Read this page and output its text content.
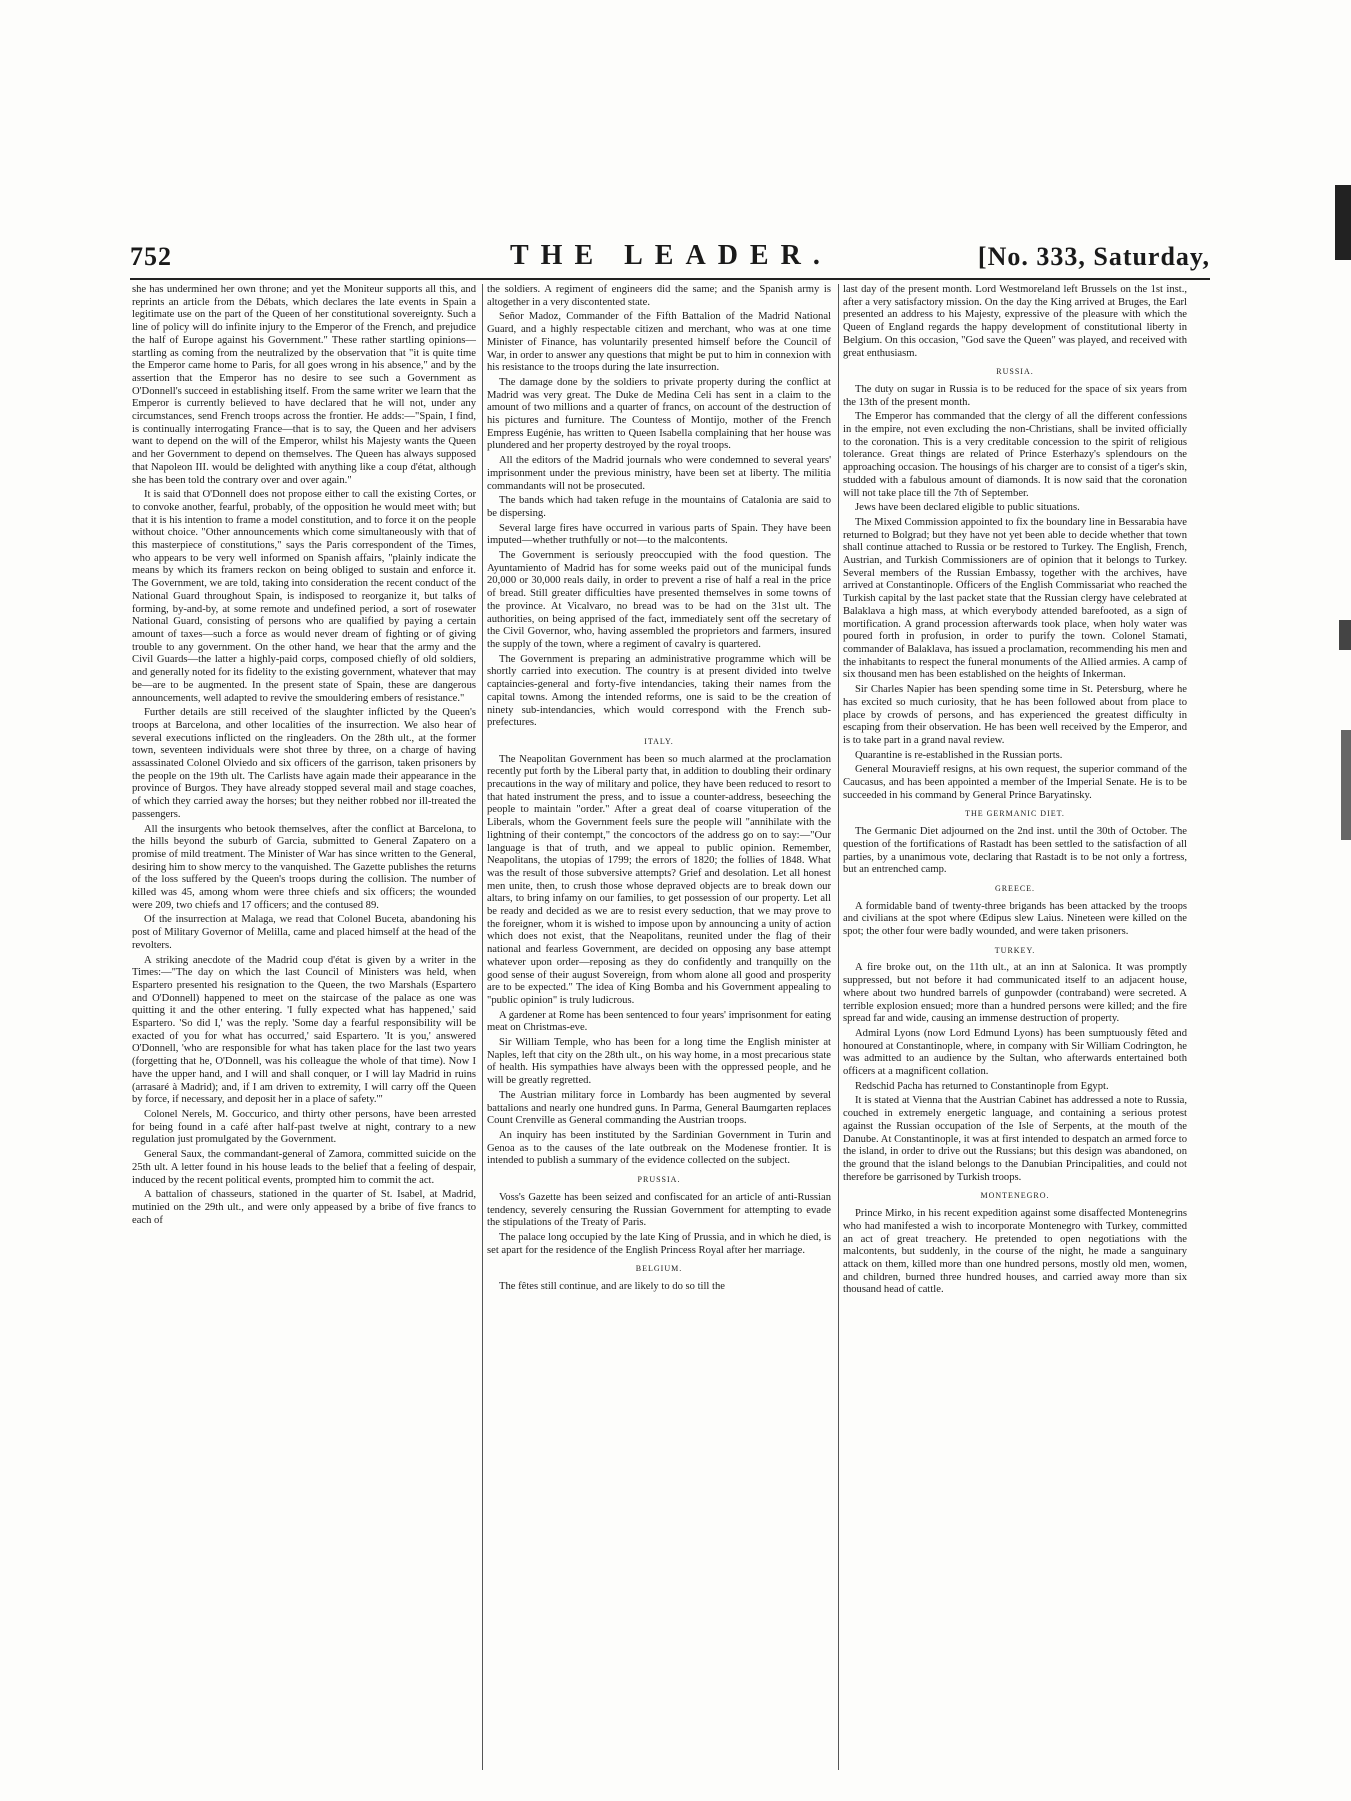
752	THE LEADER.	[No. 333, Saturday,

she has undermined her own throne; and yet the Moniteur supports all this, and reprints an article from the Débats, which declares the late events in Spain a legitimate use on the part of the Queen of her constitutional sovereignty. Such a line of policy will do infinite injury to the Emperor of the French, and prejudice the half of Europe against his Government." These rather startling opinions—startling as coming from the neutralized by the observation that "it is quite time the Emperor came home to Paris, for all goes wrong in his absence," and by the assertion that the Emperor has no desire to see such a Government as O'Donnell's succeed in establishing itself. From the same writer we learn that the Emperor is currently believed to have declared that he will not, under any circumstances, send French troops across the frontier. He adds:—"Spain, I find, is continually interrogating France—that is to say, the Queen and her advisers want to depend on the will of the Emperor, whilst his Majesty wants the Queen and her Government to depend on themselves. The Queen has always supposed that Napoleon III. would be delighted with anything like a coup d'état, although she has been told the contrary over and over again."

It is said that O'Donnell does not propose either to call the existing Cortes, or to convoke another, fearful, probably, of the opposition he would meet with; but that it is his intention to frame a model constitution, and to force it on the people without choice. "Other announcements which come simultaneously with that of this masterpiece of constitutions," says the Paris correspondent of the Times, who appears to be very well informed on Spanish affairs, "plainly indicate the means by which its framers reckon on being obliged to sustain and enforce it. The Government, we are told, taking into consideration the recent conduct of the National Guard throughout Spain, is indisposed to reorganize it, but talks of forming, by-and-by, at some remote and undefined period, a sort of rosewater National Guard, consisting of persons who are qualified by paying a certain amount of taxes—such a force as would never dream of fighting or of giving trouble to any government. On the other hand, we hear that the army and the Civil Guards—the latter a highly-paid corps, composed chiefly of old soldiers, and generally noted for its fidelity to the existing government, whatever that may be—are to be augmented. In the present state of Spain, these are dangerous announcements, well adapted to revive the smouldering embers of resistance."

Further details are still received of the slaughter inflicted by the Queen's troops at Barcelona, and other localities of the insurrection. We also hear of several executions inflicted on the ringleaders. On the 28th ult., at the former town, seventeen individuals were shot three by three, on a charge of having assassinated Colonel Olviedo and six officers of the garrison, taken prisoners by the people on the 19th ult. The Carlists have again made their appearance in the province of Burgos. They have already stopped several mail and stage coaches, of which they carried away the horses; but they neither robbed nor ill-treated the passengers.

All the insurgents who betook themselves, after the conflict at Barcelona, to the hills beyond the suburb of Garcia, submitted to General Zapatero on a promise of mild treatment. The Minister of War has since written to the General, desiring him to show mercy to the vanquished. The Gazette publishes the returns of the loss suffered by the Queen's troops during the collision. The number of killed was 45, among whom were three chiefs and six officers; the wounded were 209, two chiefs and 17 officers; and the contused 89.

Of the insurrection at Malaga, we read that Colonel Buceta, abandoning his post of Military Governor of Melilla, came and placed himself at the head of the revolters.

A striking anecdote of the Madrid coup d'état is given by a writer in the Times:—"The day on which the last Council of Ministers was held, when Espartero presented his resignation to the Queen, the two Marshals (Espartero and O'Donnell) happened to meet on the staircase of the palace as one was quitting it and the other entering. 'I fully expected what has happened,' said Espartero. 'So did I,' was the reply. 'Some day a fearful responsibility will be exacted of you for what has occurred,' said Espartero. 'It is you,' answered O'Donnell, 'who are responsible for what has taken place for the last two years (forgetting that he, O'Donnell, was his colleague the whole of that time). Now I have the upper hand, and I will and shall conquer, or I will lay Madrid in ruins (arrasaré à Madrid); and, if I am driven to extremity, I will carry off the Queen by force, if necessary, and deposit her in a place of safety.'"

Colonel Nerels, M. Goccurico, and thirty other persons, have been arrested for being found in a café after half-past twelve at night, contrary to a new regulation just promulgated by the Government.

General Saux, the commandant-general of Zamora, committed suicide on the 25th ult. A letter found in his house leads to the belief that a feeling of despair, induced by the recent political events, prompted him to commit the act.

A battalion of chasseurs, stationed in the quarter of St. Isabel, at Madrid, mutinied on the 29th ult., and were only appeased by a bribe of five francs to each of

the soldiers. A regiment of engineers did the same; and the Spanish army is altogether in a very discontented state.

Señor Madoz, Commander of the Fifth Battalion of the Madrid National Guard, and a highly respectable citizen and merchant, who was at one time Minister of Finance, has voluntarily presented himself before the Council of War, in order to answer any questions that might be put to him in connexion with his resistance to the troops during the late insurrection.

The damage done by the soldiers to private property during the conflict at Madrid was very great. The Duke de Medina Celi has sent in a claim to the amount of two millions and a quarter of francs, on account of the destruction of his pictures and furniture. The Countess of Montijo, mother of the French Empress Eugénie, has written to Queen Isabella complaining that her house was plundered and her property destroyed by the royal troops.

All the editors of the Madrid journals who were condemned to several years' imprisonment under the previous ministry, have been set at liberty. The militia commandants will not be prosecuted.

The bands which had taken refuge in the mountains of Catalonia are said to be dispersing.

Several large fires have occurred in various parts of Spain. They have been imputed—whether truthfully or not—to the malcontents.

The Government is seriously preoccupied with the food question. The Ayuntamiento of Madrid has for some weeks paid out of the municipal funds 20,000 or 30,000 reals daily, in order to prevent a rise of half a real in the price of bread. Still greater difficulties have presented themselves in some towns of the province. At Vicalvaro, no bread was to be had on the 31st ult. The authorities, on being apprised of the fact, immediately sent off the secretary of the Civil Governor, who, having assembled the proprietors and farmers, insured the supply of the town, where a regiment of cavalry is quartered.

The Government is preparing an administrative programme which will be shortly carried into execution. The country is at present divided into twelve captaincies-general and forty-five intendancies, taking their names from the capital towns. Among the intended reforms, one is said to be the creation of ninety sub-intendancies, which would correspond with the French sub-prefectures.

ITALY.

The Neapolitan Government has been so much alarmed at the proclamation recently put forth by the Liberal party that, in addition to doubling their ordinary precautions in the way of military and police, they have been reduced to resort to that hated instrument the press, and to issue a counter-address, beseeching the people to maintain "order." After a great deal of coarse vituperation of the Liberals, whom the Government feels sure the people will "annihilate with the lightning of their contempt," the concoctors of the address go on to say:—"Our language is that of truth, and we appeal to public opinion. Remember, Neapolitans, the utopias of 1799; the errors of 1820; the follies of 1848. What was the result of those subversive attempts? Grief and desolation. Let all honest men unite, then, to crush those whose depraved objects are to break down our altars, to bring infamy on our families, to get possession of our property. Let all be ready and decided as we are to resist every seduction, that we may prove to the foreigner, whom it is wished to impose upon by announcing a unity of action which does not exist, that the Neapolitans, reunited under the flag of their national and fearless Government, are decided on opposing any base attempt whatever upon order—reposing as they do confidently and tranquilly on the good sense of their august Sovereign, from whom alone all good and prosperity are to be expected." The idea of King Bomba and his Government appealing to "public opinion" is truly ludicrous.

A gardener at Rome has been sentenced to four years' imprisonment for eating meat on Christmas-eve.

Sir William Temple, who has been for a long time the English minister at Naples, left that city on the 28th ult., on his way home, in a most precarious state of health. His sympathies have always been with the oppressed people, and he will be greatly regretted.

The Austrian military force in Lombardy has been augmented by several battalions and nearly one hundred guns. In Parma, General Baumgarten replaces Count Crenville as General commanding the Austrian troops.

An inquiry has been instituted by the Sardinian Government in Turin and Genoa as to the causes of the late outbreak on the Modenese frontier. It is intended to publish a summary of the evidence collected on the subject.

PRUSSIA.

Voss's Gazette has been seized and confiscated for an article of anti-Russian tendency, severely censuring the Russian Government for attempting to evade the stipulations of the Treaty of Paris.

The palace long occupied by the late King of Prussia, and in which he died, is set apart for the residence of the English Princess Royal after her marriage.

BELGIUM.

The fêtes still continue, and are likely to do so till the

last day of the present month. Lord Westmoreland left Brussels on the 1st inst., after a very satisfactory mission. On the day the King arrived at Bruges, the Earl presented an address to his Majesty, expressive of the pleasure with which the Queen of England regards the happy development of constitutional liberty in Belgium. On this occasion, "God save the Queen" was played, and received with great enthusiasm.

RUSSIA.

The duty on sugar in Russia is to be reduced for the space of six years from the 13th of the present month.

The Emperor has commanded that the clergy of all the different confessions in the empire, not even excluding the non-Christians, shall be invited officially to the coronation. This is a very creditable concession to the spirit of religious tolerance. Great things are related of Prince Esterhazy's splendours on the approaching occasion. The housings of his charger are to consist of a tiger's skin, studded with a fabulous amount of diamonds. It is now said that the coronation will not take place till the 7th of September.

Jews have been declared eligible to public situations.

The Mixed Commission appointed to fix the boundary line in Bessarabia have returned to Bolgrad; but they have not yet been able to decide whether that town shall continue attached to Russia or be restored to Turkey. The English, French, Austrian, and Turkish Commissioners are of opinion that it belongs to Turkey. Several members of the Russian Embassy, together with the archives, have arrived at Constantinople. Officers of the English Commissariat who reached the Turkish capital by the last packet state that the Russian clergy have celebrated at Balaklava a high mass, at which everybody attended barefooted, as a sign of mortification. A grand procession afterwards took place, when holy water was poured forth in profusion, in order to purify the town. Colonel Stamati, commander of Balaklava, has issued a proclamation, recommending his men and the inhabitants to respect the funeral monuments of the Allied armies. A camp of six thousand men has been established on the heights of Inkerman.

Sir Charles Napier has been spending some time in St. Petersburg, where he has excited so much curiosity, that he has been followed about from place to place by crowds of persons, and has experienced the greatest difficulty in escaping from their observation. He has been well received by the Emperor, and is to take part in a grand naval review.

Quarantine is re-established in the Russian ports.

General Mouravieff resigns, at his own request, the superior command of the Caucasus, and has been appointed a member of the Imperial Senate. He is to be succeeded in his command by General Prince Baryatinsky.

THE GERMANIC DIET.

The Germanic Diet adjourned on the 2nd inst. until the 30th of October. The question of the fortifications of Rastadt has been settled to the satisfaction of all parties, by a unanimous vote, declaring that Rastadt is to be not only a fortress, but an entrenched camp.

GREECE.

A formidable band of twenty-three brigands has been attacked by the troops and civilians at the spot where Œdipus slew Laius. Nineteen were killed on the spot; the other four were badly wounded, and were taken prisoners.

TURKEY.

A fire broke out, on the 11th ult., at an inn at Salonica. It was promptly suppressed, but not before it had communicated itself to an adjacent house, where about two hundred barrels of gunpowder (contraband) were secreted. A terrible explosion ensued; more than a hundred persons were killed; and the fire spread far and wide, causing an immense destruction of property.

Admiral Lyons (now Lord Edmund Lyons) has been sumptuously fêted and honoured at Constantinople, where, in company with Sir William Codrington, he was admitted to an audience by the Sultan, who afterwards entertained both officers at a magnificent collation.

Redschid Pacha has returned to Constantinople from Egypt.

It is stated at Vienna that the Austrian Cabinet has addressed a note to Russia, couched in extremely energetic language, and containing a serious protest against the Russian occupation of the Isle of Serpents, at the mouth of the Danube. At Constantinople, it was at first intended to despatch an armed force to the island, in order to drive out the Russians; but this design was abandoned, on the ground that the island belongs to the Danubian Principalities, and could not therefore be garrisoned by Turkish troops.

MONTENEGRO.

Prince Mirko, in his recent expedition against some disaffected Montenegrins who had manifested a wish to incorporate Montenegro with Turkey, committed an act of great treachery. He pretended to open negotiations with the malcontents, but suddenly, in the course of the night, he made a sanguinary attack on them, killed more than one hundred persons, mostly old men, women, and children, burned three hundred houses, and carried away more than six thousand head of cattle.
